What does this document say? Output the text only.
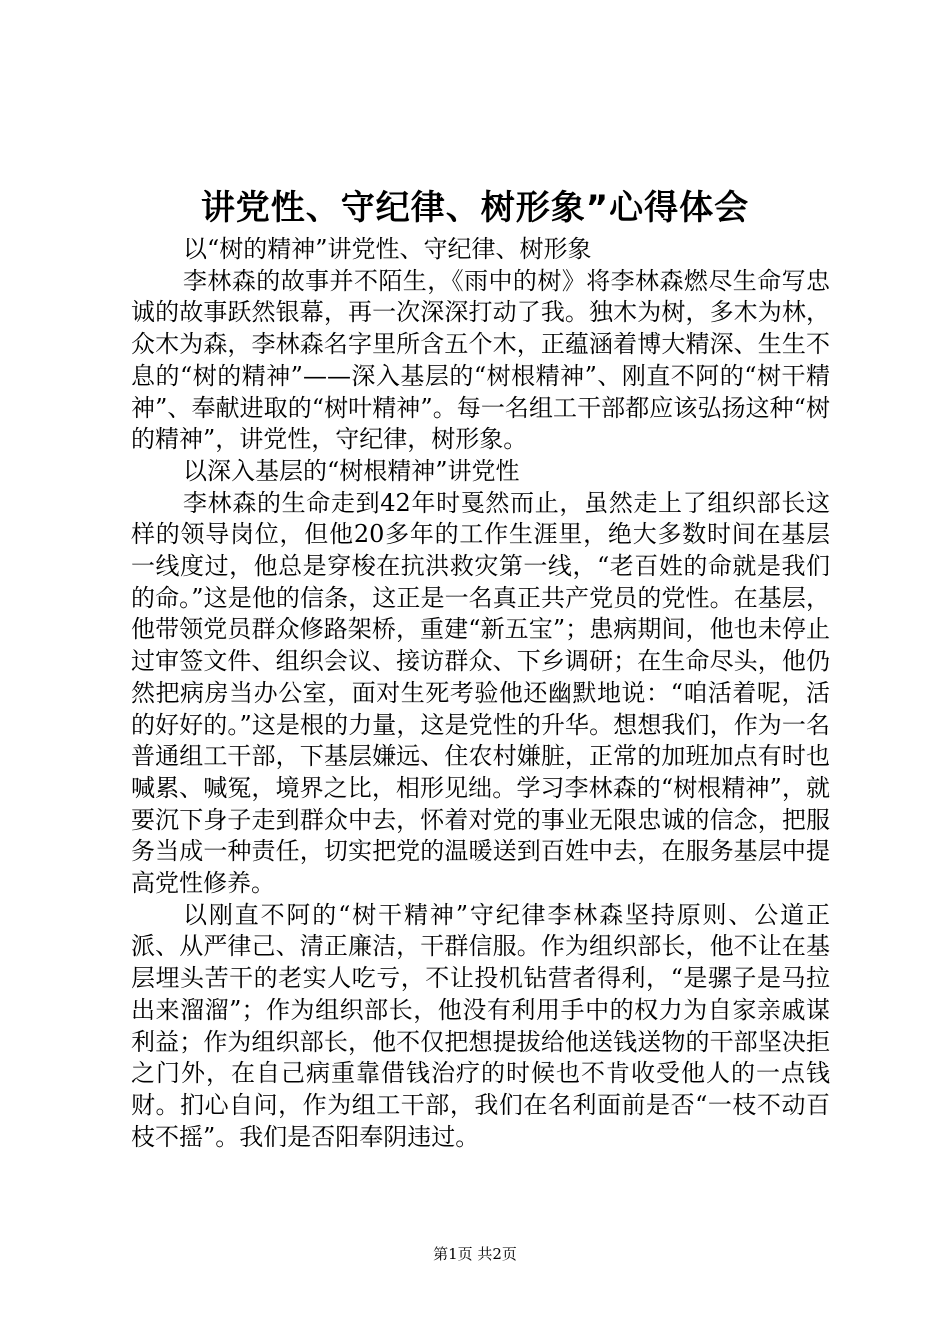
讲党性、守纪律、树形象”心得体会

以“树的精神”讲党性、守纪律、树形象

李林森的故事并不陌生，《雨中的树》将李林森燃尽生命写忠诚的故事跃然银幕，再一次深深打动了我。独木为树，多木为林，众木为森，李林森名字里所含五个木，正蕴涵着博大精深、生生不息的“树的精神”——深入基层的“树根精神”、刚直不阿的“树干精神”、奉献进取的“树叶精神”。每一名组工干部都应该弘扬这种“树的精神”，讲党性，守纪律，树形象。

以深入基层的“树根精神”讲党性

李林森的生命走到42年时戛然而止，虽然走上了组织部长这样的领导岗位，但他20多年的工作生涯里，绝大多数时间在基层一线度过，他总是穿梭在抗洪救灾第一线，“老百姓的命就是我们的命。”这是他的信条，这正是一名真正共产党员的党性。在基层，他带领党员群众修路架桥，重建“新五宝”；患病期间，他也未停止过审签文件、组织会议、接访群众、下乡调研；在生命尽头，他仍然把病房当办公室，面对生死考验他还幽默地说：“咱活着呢，活的好好的。”这是根的力量，这是党性的升华。想想我们，作为一名普通组工干部，下基层嫌远、住农村嫌脏，正常的加班加点有时也喊累、喊冤，境界之比，相形见绌。学习李林森的“树根精神”，就要沉下身子走到群众中去，怀着对党的事业无限忠诚的信念，把服务当成一种责任，切实把党的温暖送到百姓中去，在服务基层中提高党性修养。

以刚直不阿的“树干精神”守纪律李林森坚持原则、公道正派、从严律己、清正廉洁，干群信服。作为组织部长，他不让在基层埋头苦干的老实人吃亏，不让投机钻营者得利，“是骡子是马拉出来溜溜”；作为组织部长，他没有利用手中的权力为自家亲戚谋利益；作为组织部长，他不仅把想提拔给他送钱送物的干部坚决拒之门外，在自己病重靠借钱治疗的时候也不肯收受他人的一点钱财。扪心自问，作为组工干部，我们在名利面前是否“一枝不动百枝不摇”。我们是否阳奉阴违过。

第1页 共2页
